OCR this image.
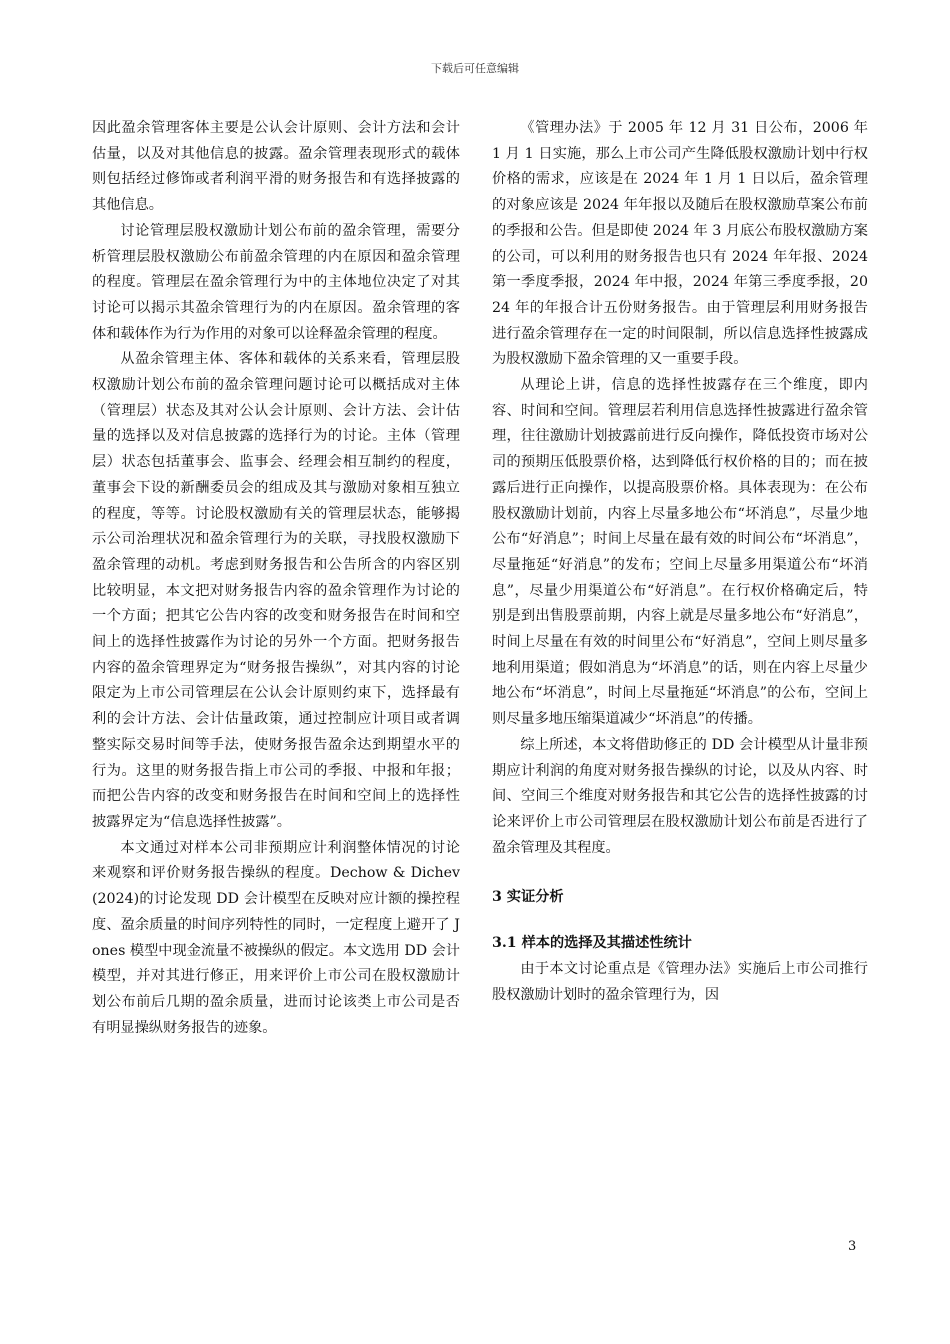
下载后可任意编辑

因此盈余管理客体主要是公认会计原则、会计方法和会计估量，以及对其他信息的披露。盈余管理表现形式的载体则包括经过修饰或者利润平滑的财务报告和有选择披露的其他信息。

讨论管理层股权激励计划公布前的盈余管理，需要分析管理层股权激励公布前盈余管理的内在原因和盈余管理的程度。管理层在盈余管理行为中的主体地位决定了对其讨论可以揭示其盈余管理行为的内在原因。盈余管理的客体和载体作为行为作用的对象可以诠释盈余管理的程度。

从盈余管理主体、客体和载体的关系来看，管理层股权激励计划公布前的盈余管理问题讨论可以概括成对主体（管理层）状态及其对公认会计原则、会计方法、会计估量的选择以及对信息披露的选择行为的讨论。主体（管理层）状态包括董事会、监事会、经理会相互制约的程度，董事会下设的新酬委员会的组成及其与激励对象相互独立的程度，等等。讨论股权激励有关的管理层状态，能够揭示公司治理状况和盈余管理行为的关联，寻找股权激励下盈余管理的动机。考虑到财务报告和公告所含的内容区别比较明显，本文把对财务报告内容的盈余管理作为讨论的一个方面；把其它公告内容的改变和财务报告在时间和空间上的选择性披露作为讨论的另外一个方面。把财务报告内容的盈余管理界定为“财务报告操纵”，对其内容的讨论限定为上市公司管理层在公认会计原则约束下，选择最有利的会计方法、会计估量政策，通过控制应计项目或者调整实际交易时间等手法，使财务报告盈余达到期望水平的行为。这里的财务报告指上市公司的季报、中报和年报；而把公告内容的改变和财务报告在时间和空间上的选择性披露界定为“信息选择性披露”。

本文通过对样本公司非预期应计利润整体情况的讨论来观察和评价财务报告操纵的程度。Dechow & Dichev(2024)的讨论发现 DD 会计模型在反映对应计额的操控程度、盈余质量的时间序列特性的同时，一定程度上避开了 Jones 模型中现金流量不被操纵的假定。本文选用 DD 会计模型，并对其进行修正，用来评价上市公司在股权激励计划公布前后几期的盈余质量，进而讨论该类上市公司是否有明显操纵财务报告的迹象。

《管理办法》于 2005 年 12 月 31 日公布，2006 年 1 月 1 日实施，那么上市公司产生降低股权激励计划中行权价格的需求，应该是在 2024 年 1 月 1 日以后，盈余管理的对象应该是 2024 年年报以及随后在股权激励草案公布前的季报和公告。但是即使 2024 年 3 月底公布股权激励方案的公司，可以利用的财务报告也只有 2024 年年报、2024 第一季度季报，2024 年中报，2024 年第三季度季报，2024 年的年报合计五份财务报告。由于管理层利用财务报告进行盈余管理存在一定的时间限制，所以信息选择性披露成为股权激励下盈余管理的又一重要手段。

从理论上讲，信息的选择性披露存在三个维度，即内容、时间和空间。管理层若利用信息选择性披露进行盈余管理，往往激励计划披露前进行反向操作，降低投资市场对公司的预期压低股票价格，达到降低行权价格的目的；而在披露后进行正向操作，以提高股票价格。具体表现为：在公布股权激励计划前，内容上尽量多地公布“坏消息”，尽量少地公布“好消息”；时间上尽量在最有效的时间公布“坏消息”，尽量拖延“好消息”的发布；空间上尽量多用渠道公布“坏消息”，尽量少用渠道公布“好消息”。在行权价格确定后，特别是到出售股票前期，内容上就是尽量多地公布“好消息”，时间上尽量在有效的时间里公布“好消息”，空间上则尽量多地利用渠道；假如消息为“坏消息”的话，则在内容上尽量少地公布“坏消息”，时间上尽量拖延“坏消息”的公布，空间上则尽量多地压缩渠道减少“坏消息”的传播。

综上所述，本文将借助修正的 DD 会计模型从计量非预期应计利润的角度对财务报告操纵的讨论，以及从内容、时间、空间三个维度对财务报告和其它公告的选择性披露的讨论来评价上市公司管理层在股权激励计划公布前是否进行了盈余管理及其程度。

3 实证分析

3.1 样本的选择及其描述性统计

由于本文讨论重点是《管理办法》实施后上市公司推行股权激励计划时的盈余管理行为，因

3
